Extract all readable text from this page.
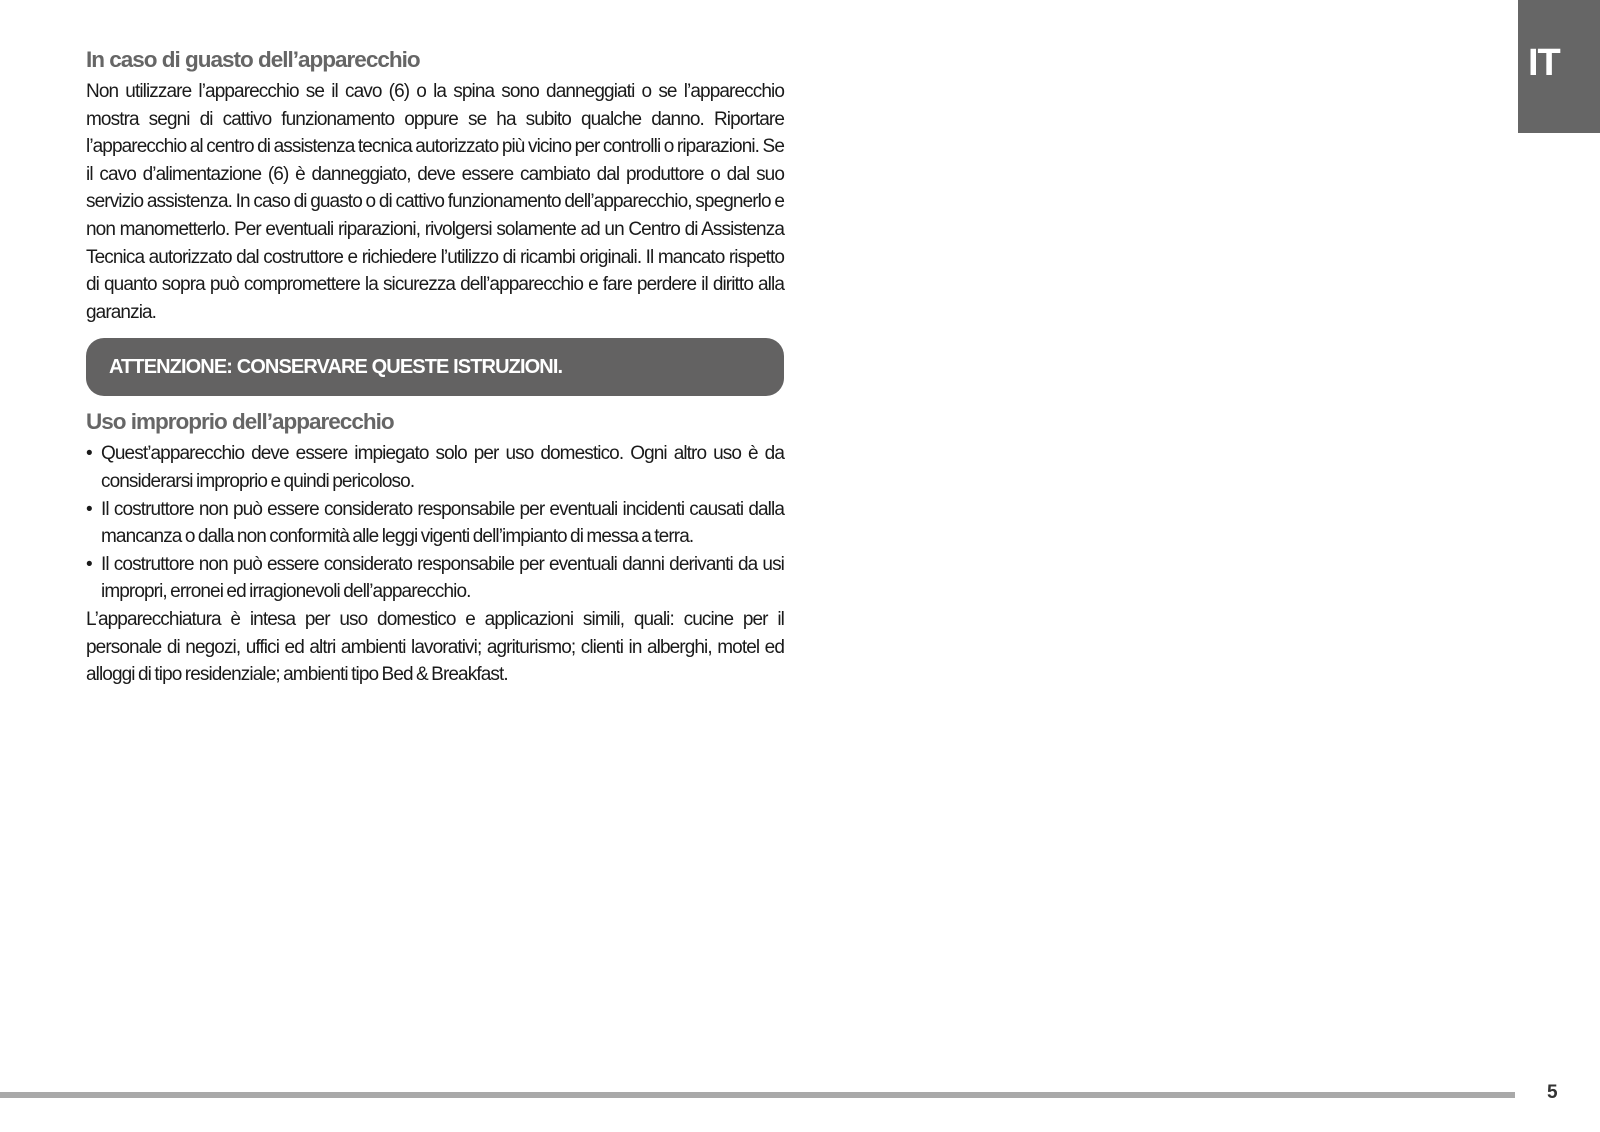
IT
In caso di guasto dell’apparecchio

Non utilizzare l’apparecchio se il cavo (6) o la spina sono danneggiati o se l’apparecchio mostra segni di cattivo funzionamento oppure se ha subito qualche danno. Riportare l’apparecchio al centro di assistenza tecnica autorizzato più vicino per controlli o riparazioni. Se il cavo d’alimentazione (6) è danneggiato, deve essere cambiato dal produttore o dal suo servizio assistenza. In caso di guasto o di cattivo funzionamento dell’apparecchio, spegnerlo e non manometterlo. Per eventuali riparazioni, rivolgersi solamente ad un Centro di Assistenza Tecnica autorizzato dal costruttore e richiedere l’utilizzo di ricambi originali. Il mancato rispetto di quanto sopra può compromettere la sicurezza dell’apparecchio e fare perdere il diritto alla garanzia.

ATTENZIONE: CONSERVARE QUESTE ISTRUZIONI.
Uso improprio dell’apparecchio
• Quest’apparecchio deve essere impiegato solo per uso domestico. Ogni altro uso è da considerarsi improprio e quindi pericoloso.
• Il costruttore non può essere considerato responsabile per eventuali incidenti causati dalla mancanza o dalla non conformità alle leggi vigenti dell’impianto di messa a terra.
• Il costruttore non può essere considerato responsabile per eventuali danni derivanti da usi impropri, erronei ed irragionevoli dell’apparecchio.

L’apparecchiatura è intesa per uso domestico e applicazioni simili, quali: cucine per il personale di negozi, uffici ed altri ambienti lavorativi; agriturismo; clienti in alberghi, motel ed alloggi di tipo residenziale; ambienti tipo Bed & Breakfast.

5
